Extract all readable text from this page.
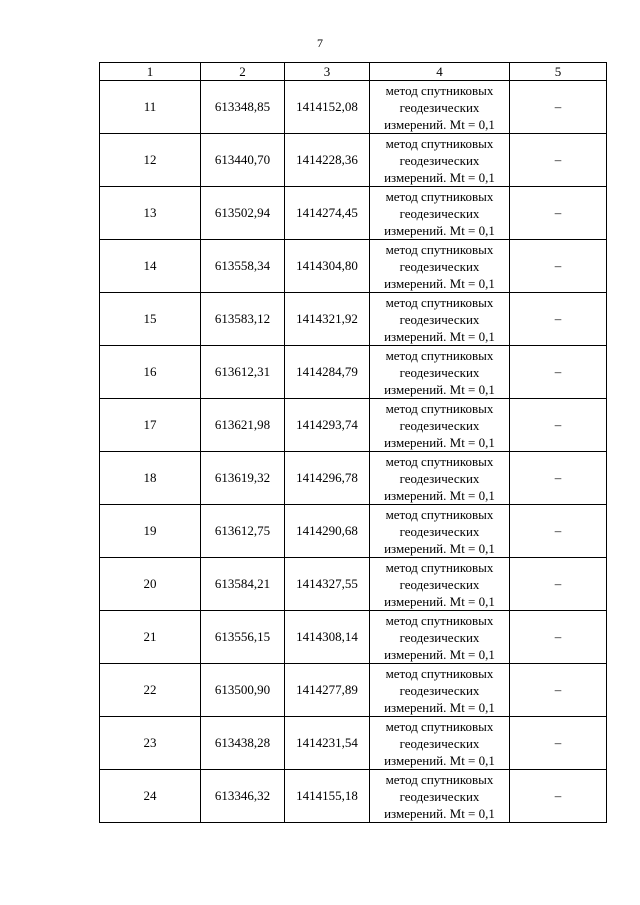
7
1	2	3	4	5
11	613348,85	1414152,08	метод спутниковых
геодезических
измерений. Mt = 0,1	–
12	613440,70	1414228,36	метод спутниковых
геодезических
измерений. Mt = 0,1	–
13	613502,94	1414274,45	метод спутниковых
геодезических
измерений. Mt = 0,1	–
14	613558,34	1414304,80	метод спутниковых
геодезических
измерений. Mt = 0,1	–
15	613583,12	1414321,92	метод спутниковых
геодезических
измерений. Mt = 0,1	–
16	613612,31	1414284,79	метод спутниковых
геодезических
измерений. Mt = 0,1	–
17	613621,98	1414293,74	метод спутниковых
геодезических
измерений. Mt = 0,1	–
18	613619,32	1414296,78	метод спутниковых
геодезических
измерений. Mt = 0,1	–
19	613612,75	1414290,68	метод спутниковых
геодезических
измерений. Mt = 0,1	–
20	613584,21	1414327,55	метод спутниковых
геодезических
измерений. Mt = 0,1	–
21	613556,15	1414308,14	метод спутниковых
геодезических
измерений. Mt = 0,1	–
22	613500,90	1414277,89	метод спутниковых
геодезических
измерений. Mt = 0,1	–
23	613438,28	1414231,54	метод спутниковых
геодезических
измерений. Mt = 0,1	–
24	613346,32	1414155,18	метод спутниковых
геодезических
измерений. Mt = 0,1	–
